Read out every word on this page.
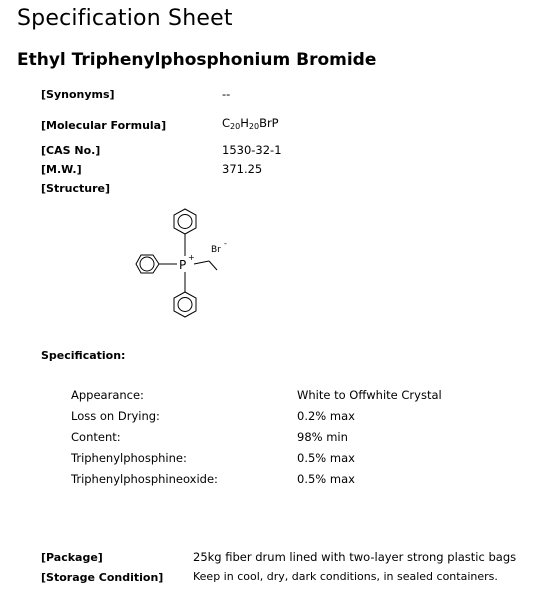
Specification Sheet
Ethyl Triphenylphosphonium Bromide
[Synonyms]	--
[Molecular Formula]	$C_{20}H_{20}BrP$
[CAS No.]	1530-32-1
[M.W.]	371.25
[Structure]
P
+
Br
-
Specification:
Appearance:	White to Offwhite Crystal
Loss on Drying:	0.2% max
Content:	98% min
Triphenylphosphine:	0.5% max
Triphenylphosphineoxide:	0.5% max
[Package]	25kg fiber drum lined with two-layer strong plastic bags
[Storage Condition]	Keep in cool, dry, dark conditions, in sealed containers.
